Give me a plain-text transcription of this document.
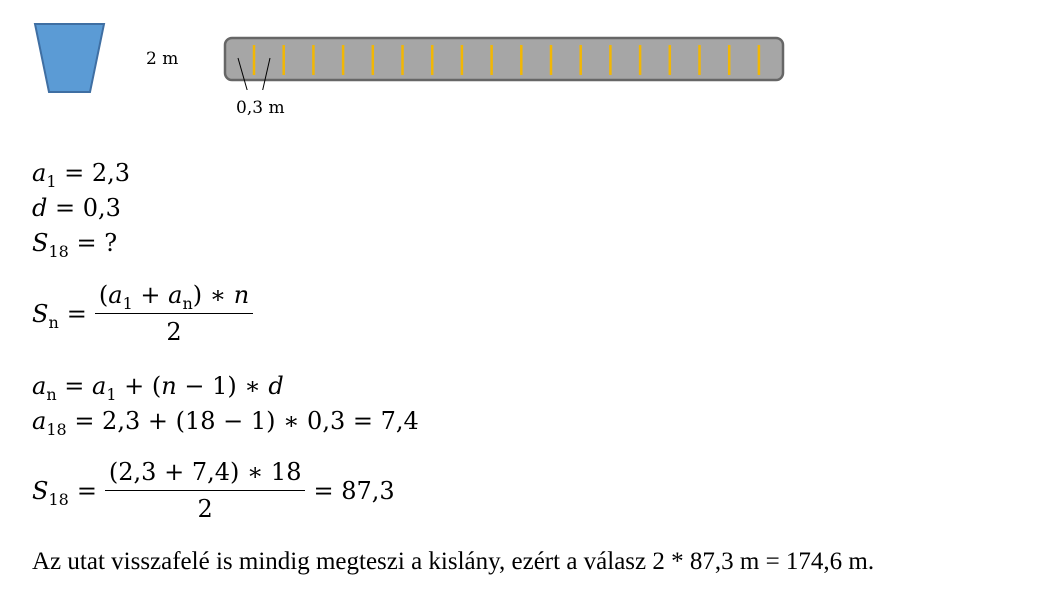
2 m
0,3 m
$a_1 = 2,3$
d = 0,3
$S_{18}$ = ?
$S_n = \frac{(a_1 + a_n) ∗ n}{2}$
$a_n = a_1 + (n - 1)$ ∗ d
$a_{18} = 2,3 + (18 - 1)$ ∗ 0,3 = 7,4
$S_{18} = \frac{(2,3 + 7,4) ∗ 18}{2} = 87,3$
Az utat visszafelé is mindig megteszi a kislány, ezért a válasz 2 * 87,3 m = 174,6 m.
